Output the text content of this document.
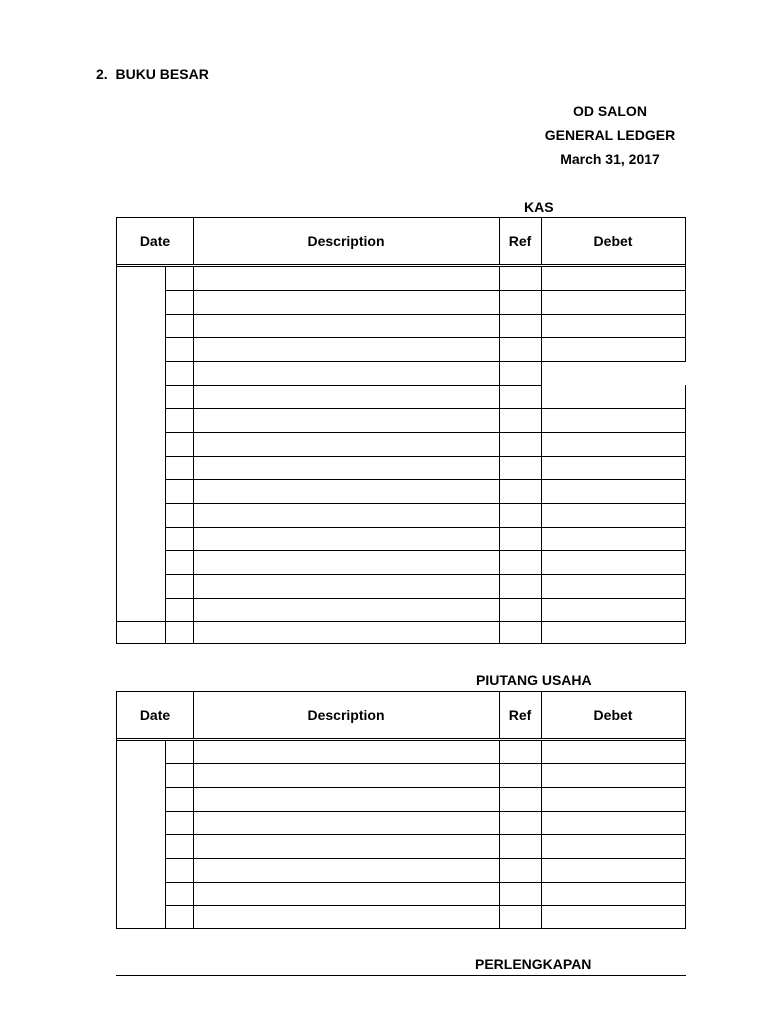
2. BUKU BESAR
OD SALON
GENERAL LEDGER
March 31, 2017
KAS
Date	Description	Ref	Debet
PIUTANG USAHA
Date	Description	Ref	Debet
PERLENGKAPAN
